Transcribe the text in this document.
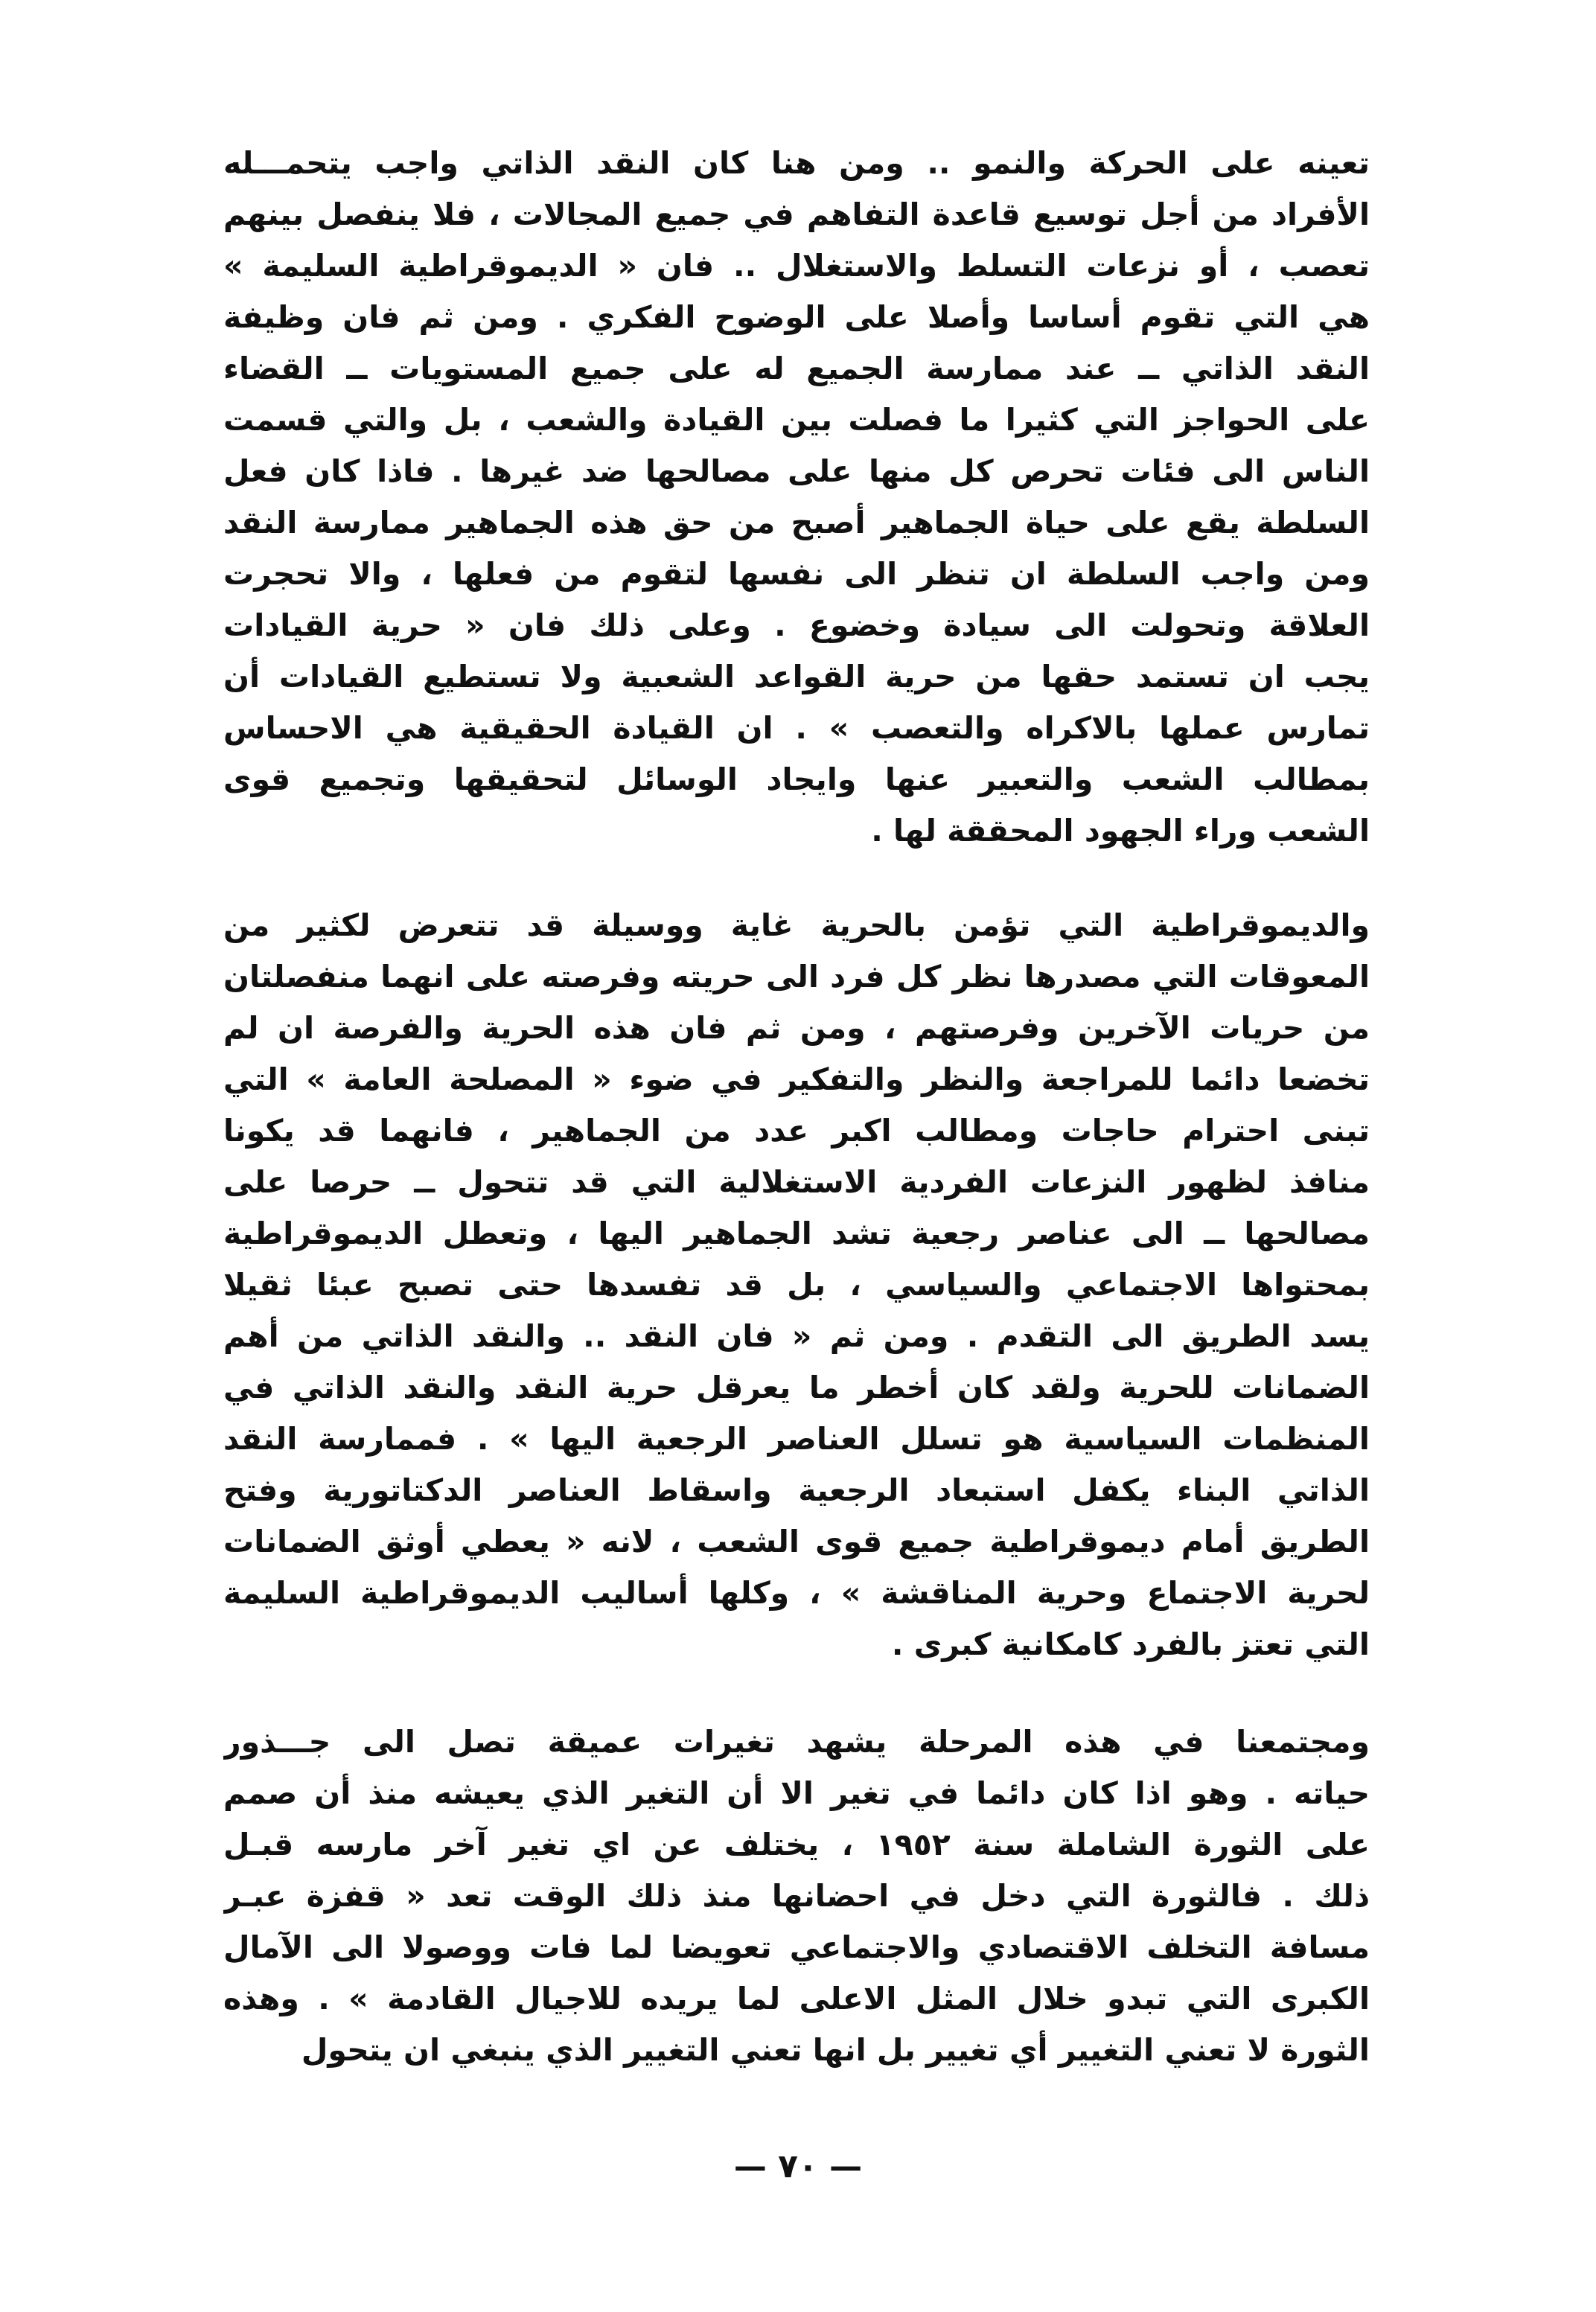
تعينه على الحركة والنمو .. ومن هنا كان النقد الذاتي واجب يتحمـــله
الأفراد من أجل توسيع قاعدة التفاهم في جميع المجالات ، فلا ينفصل بينهم
تعصب ، أو نزعات التسلط والاستغلال .. فان « الديموقراطية السليمة »
هي التي تقوم أساسا وأصلا على الوضوح الفكري . ومن ثم فان وظيفة
النقد الذاتي ــ عند ممارسة الجميع له على جميع المستويات ــ القضاء
على الحواجز التي كثيرا ما فصلت بين القيادة والشعب ، بل والتي قسمت
الناس الى فئات تحرص كل منها على مصالحها ضد غيرها . فاذا كان فعل
السلطة يقع على حياة الجماهير أصبح من حق هذه الجماهير ممارسة النقد
ومن واجب السلطة ان تنظر الى نفسها لتقوم من فعلها ، والا تحجرت
العلاقة وتحولت الى سيادة وخضوع . وعلى ذلك فان « حرية القيادات
يجب ان تستمد حقها من حرية القواعد الشعبية ولا تستطيع القيادات أن
تمارس عملها بالاكراه والتعصب » . ان القيادة الحقيقية هي الاحساس
بمطالب الشعب والتعبير عنها وايجاد الوسائل لتحقيقها وتجميع قوى
الشعب وراء الجهود المحققة لها .
والديموقراطية التي تؤمن بالحرية غاية ووسيلة قد تتعرض لكثير من
المعوقات التي مصدرها نظر كل فرد الى حريته وفرصته على انهما منفصلتان
من حريات الآخرين وفرصتهم ، ومن ثم فان هذه الحرية والفرصة ان لم
تخضعا دائما للمراجعة والنظر والتفكير في ضوء « المصلحة العامة » التي
تبنى احترام حاجات ومطالب اكبر عدد من الجماهير ، فانهما قد يكونا
منافذ لظهور النزعات الفردية الاستغلالية التي قد تتحول ــ حرصا على
مصالحها ــ الى عناصر رجعية تشد الجماهير اليها ، وتعطل الديموقراطية
بمحتواها الاجتماعي والسياسي ، بل قد تفسدها حتى تصبح عبئا ثقيلا
يسد الطريق الى التقدم . ومن ثم « فان النقد .. والنقد الذاتي من أهم
الضمانات للحرية ولقد كان أخطر ما يعرقل حرية النقد والنقد الذاتي في
المنظمات السياسية هو تسلل العناصر الرجعية اليها » . فممارسة النقد
الذاتي البناء يكفل استبعاد الرجعية واسقاط العناصر الدكتاتورية وفتح
الطريق أمام ديموقراطية جميع قوى الشعب ، لانه « يعطي أوثق الضمانات
لحرية الاجتماع وحرية المناقشة » ، وكلها أساليب الديموقراطية السليمة
التي تعتز بالفرد كامكانية كبرى .
ومجتمعنا في هذه المرحلة يشهد تغيرات عميقة تصل الى جـــذور
حياته . وهو اذا كان دائما في تغير الا أن التغير الذي يعيشه منذ أن صمم
على الثورة الشاملة سنة ١٩٥٢ ، يختلف عن اي تغير آخر مارسه قبـل
ذلك . فالثورة التي دخل في احضانها منذ ذلك الوقت تعد « قفزة عبـر
مسافة التخلف الاقتصادي والاجتماعي تعويضا لما فات ووصولا الى الآمال
الكبرى التي تبدو خلال المثل الاعلى لما يريده للاجيال القادمة » . وهذه
الثورة لا تعني التغيير أي تغيير بل انها تعني التغيير الذي ينبغي ان يتحول
— ٧٠ —
